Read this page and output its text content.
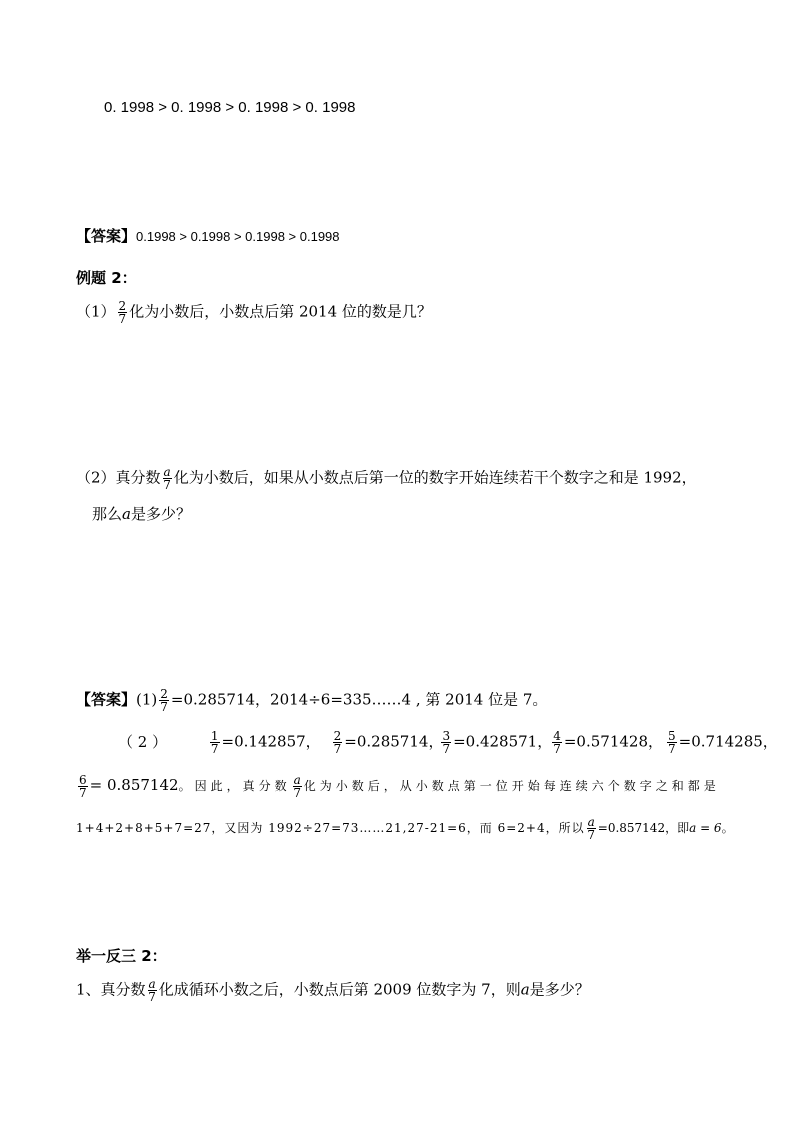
0. 1998 > 0. 1998 > 0. 1998 > 0. 1998
【答案】0.1998 > 0.1998 > 0.1998 > 0.1998
例题 2：
$(1) \frac{2}{7}$ 化为小数后，小数点后第 2014 位的数是几？
（2）真分数 $\frac{a}{7}$ 化为小数后，如果从小数点后第一位的数字开始连续若干个数字之和是 1992，
那么a是多少？
【答案】$(1) \frac{2}{7} =0.285714$，2014÷6=335……4 , 第 2014 位是 7。
（ 2 ）	$\frac{1}{7} =0.142857$， $\frac{2}{7} =0.285714$，
$\frac{3}{7} =0.428571$， $\frac{4}{7} =0.571428$， $\frac{5}{7} =0.714285$，
$\frac{6}{7} = 0.857142$。因此，真分数 $\frac{a}{7}$ 化为小数后，从小数点第一位开始每连续六个数字之和都是
1+4+2+8+5+7=27，又因为 1992÷27=73……21,27-21=6，而 6=2+4，所以 $\frac{a}{7} =0.857142$，即a = 6。
举一反三 2：
1、真分数 $\frac{a}{7}$ 化成循环小数之后，小数点后第 2009 位数字为 7，则a是多少？
